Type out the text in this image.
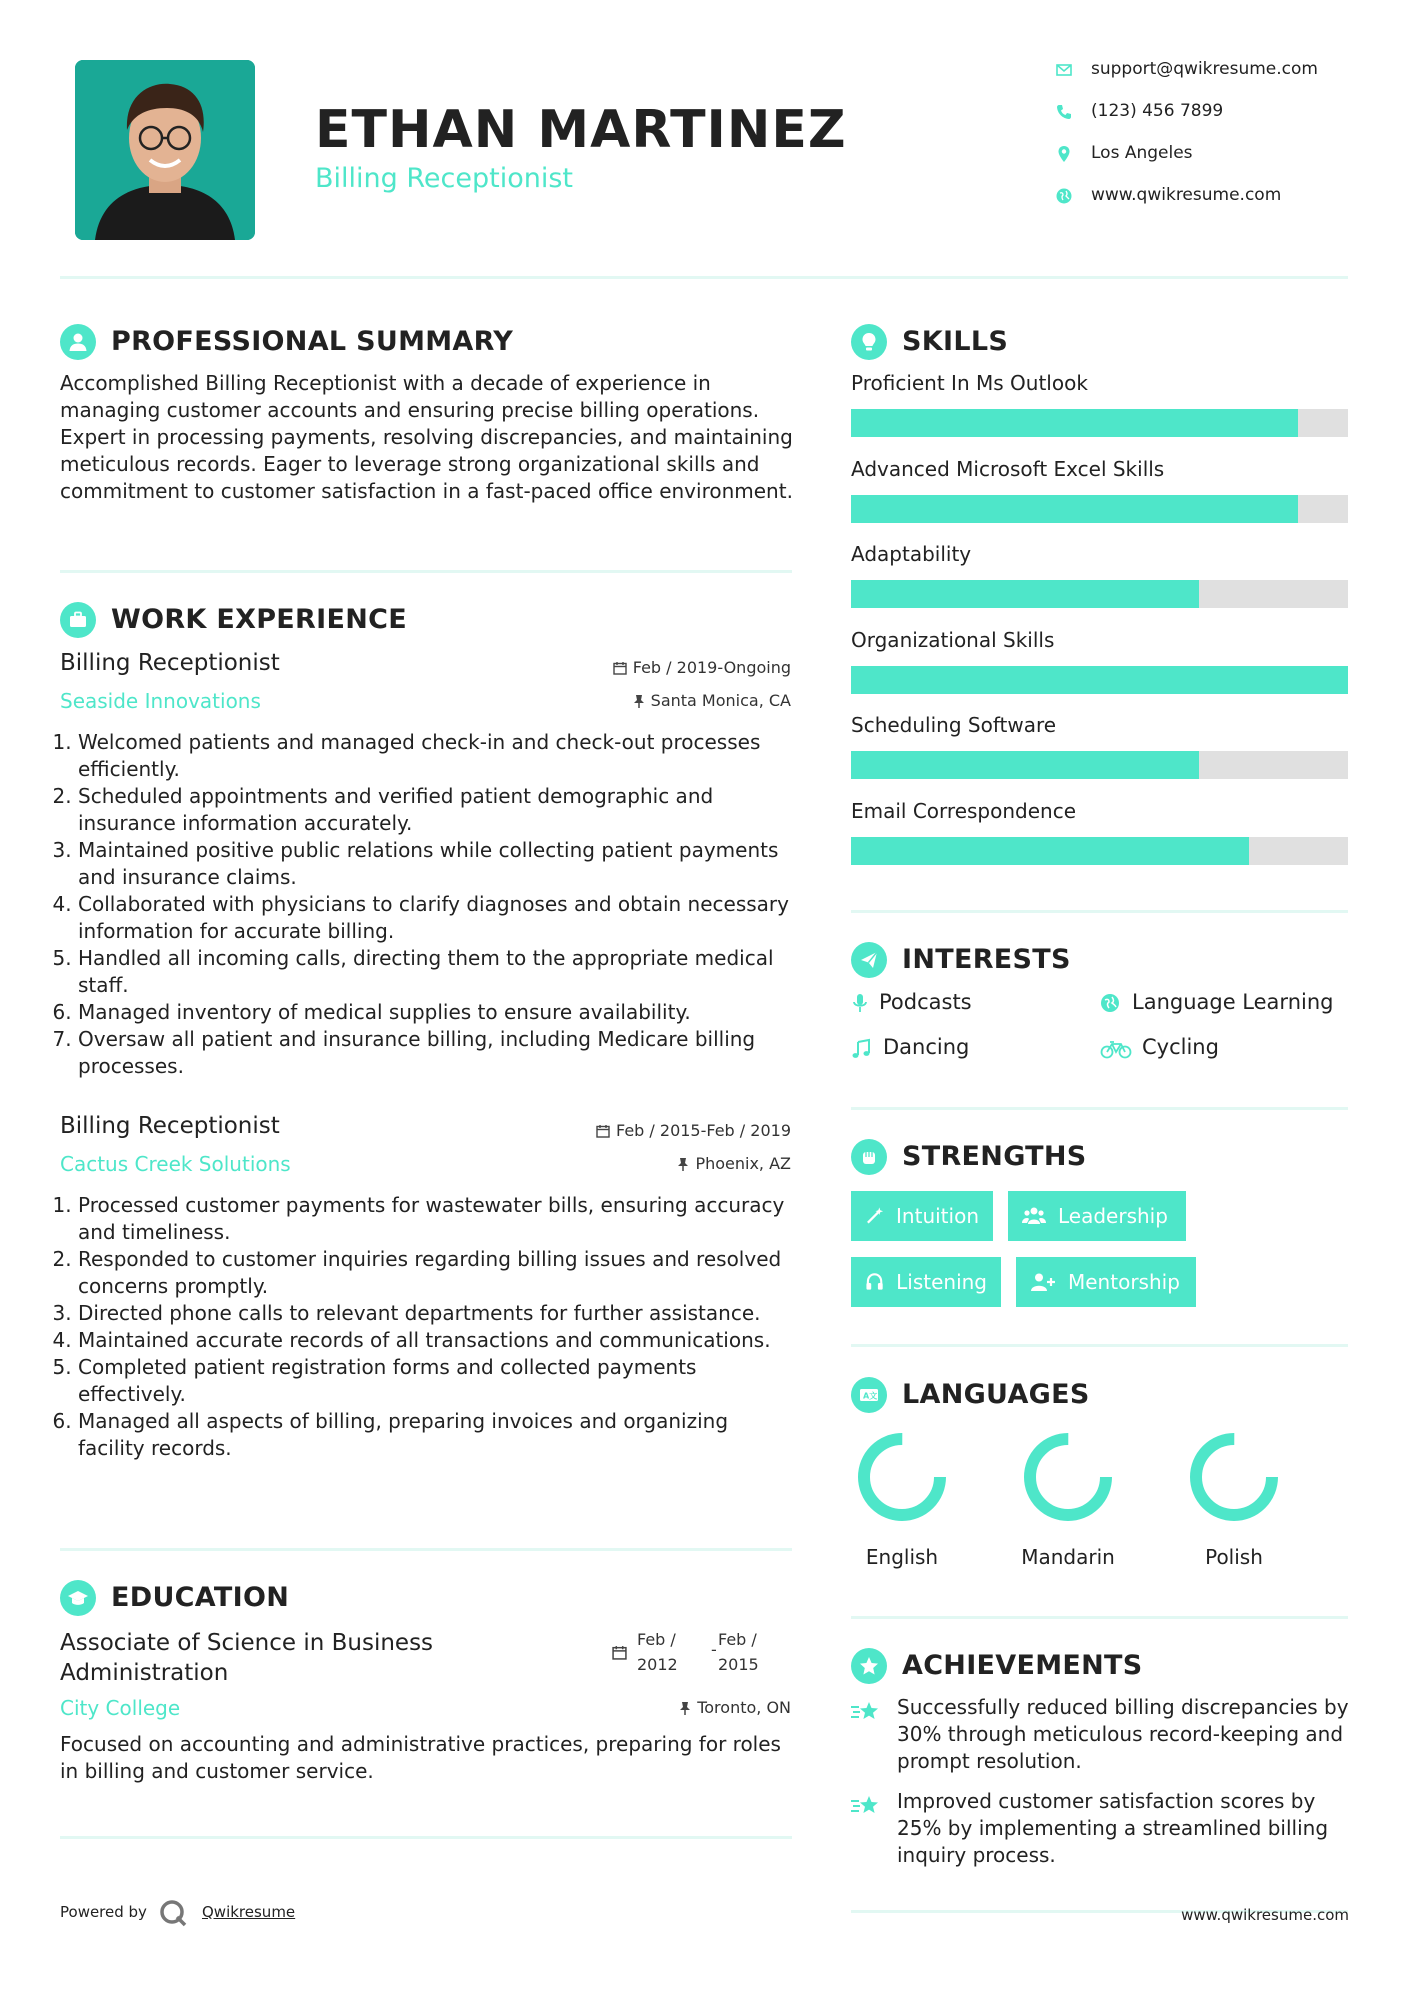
ETHAN MARTINEZ
Billing Receptionist
support@qwikresume.com
(123) 456 7899
Los Angeles
www.qwikresume.com
PROFESSIONAL SUMMARY
Accomplished Billing Receptionist with a decade of experience in managing customer accounts and ensuring precise billing operations. Expert in processing payments, resolving discrepancies, and maintaining meticulous records. Eager to leverage strong organizational skills and commitment to customer satisfaction in a fast-paced office environment.
WORK EXPERIENCE
Billing Receptionist	Feb / 2019-Ongoing
Seaside Innovations	Santa Monica, CA
1. Welcomed patients and managed check-in and check-out processes efficiently.
2. Scheduled appointments and verified patient demographic and insurance information accurately.
3. Maintained positive public relations while collecting patient payments and insurance claims.
4. Collaborated with physicians to clarify diagnoses and obtain necessary information for accurate billing.
5. Handled all incoming calls, directing them to the appropriate medical staff.
6. Managed inventory of medical supplies to ensure availability.
7. Oversaw all patient and insurance billing, including Medicare billing processes.
Billing Receptionist	Feb / 2015-Feb / 2019
Cactus Creek Solutions	Phoenix, AZ
1. Processed customer payments for wastewater bills, ensuring accuracy and timeliness.
2. Responded to customer inquiries regarding billing issues and resolved concerns promptly.
3. Directed phone calls to relevant departments for further assistance.
4. Maintained accurate records of all transactions and communications.
5. Completed patient registration forms and collected payments effectively.
6. Managed all aspects of billing, preparing invoices and organizing facility records.
EDUCATION
Associate of Science in Business Administration
Feb /
2012
-
Feb /
2015
City College	Toronto, ON
Focused on accounting and administrative practices, preparing for roles in billing and customer service.
SKILLS
Proficient In Ms Outlook
Advanced Microsoft Excel Skills
Adaptability
Organizational Skills
Scheduling Software
Email Correspondence
INTERESTS
Podcasts	Language Learning
Dancing	Cycling
STRENGTHS
Intuition	Leadership
Listening	Mentorship
A文 LANGUAGES
English	Mandarin	Polish
ACHIEVEMENTS
Successfully reduced billing discrepancies by 30% through meticulous record-keeping and prompt resolution.
Improved customer satisfaction scores by 25% by implementing a streamlined billing inquiry process.
Powered by	Qwikresume	www.qwikresume.com
